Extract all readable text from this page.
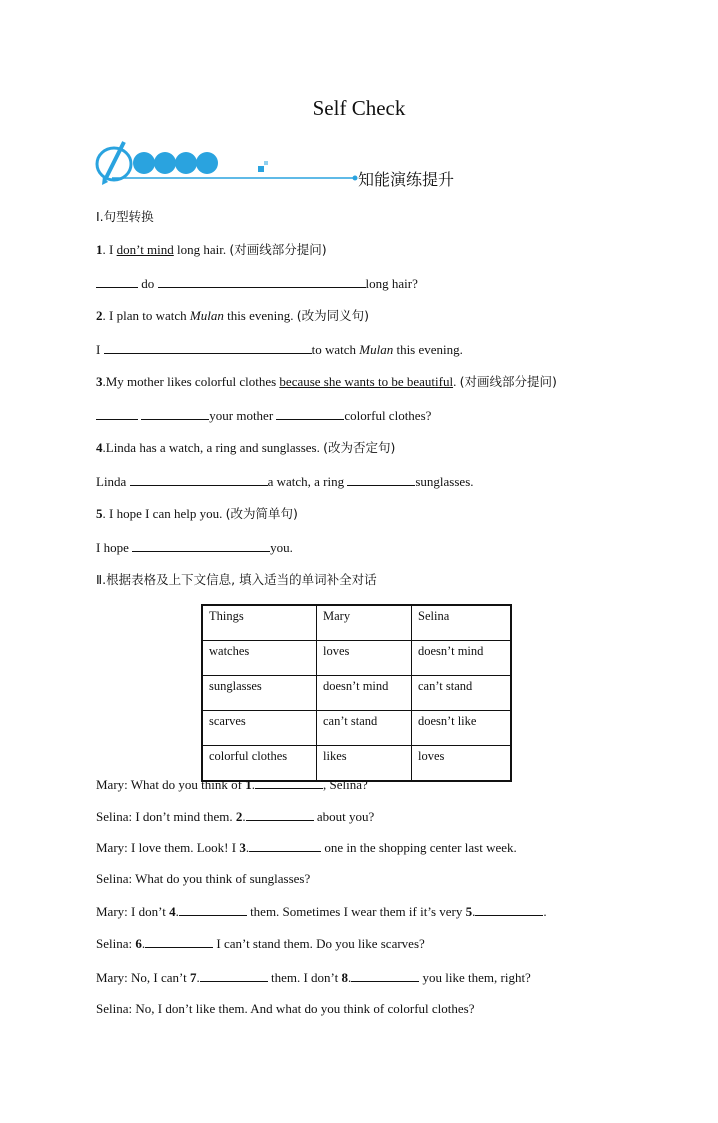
Self Check
知能演练提升
Ⅰ.句型转换
1. I don’t mind long hair. (对画线部分提问)
do	long hair?
2. I plan to watch Mulan this evening. (改为同义句)
I	to watch Mulan this evening.
3.My mother likes colorful clothes because she wants to be beautiful. (对画线部分提问)
your mother	colorful clothes?
4.Linda has a watch, a ring and sunglasses. (改为否定句)
Linda	a watch, a ring	sunglasses.
5. I hope I can help you. (改为简单句)
I hope	you.
Ⅱ.根据表格及上下文信息, 填入适当的单词补全对话
Things	Mary	Selina
watches	loves	doesn’t mind
sunglasses	doesn’t mind	can’t stand
scarves	can’t stand	doesn’t like
colorful clothes	likes	loves
Mary: What do you think of 1.	, Selina?
Selina: I don’t mind them. 2.	about you?
Mary: I love them. Look! I 3.	one in the shopping center last week.
Selina: What do you think of sunglasses?
Mary: I don’t 4.	them. Sometimes I wear them if it’s very 5.	.
Selina: 6.	I can’t stand them. Do you like scarves?
Mary: No, I can’t 7.	them. I don’t 8.	you like them, right?
Selina: No, I don’t like them. And what do you think of colorful clothes?
